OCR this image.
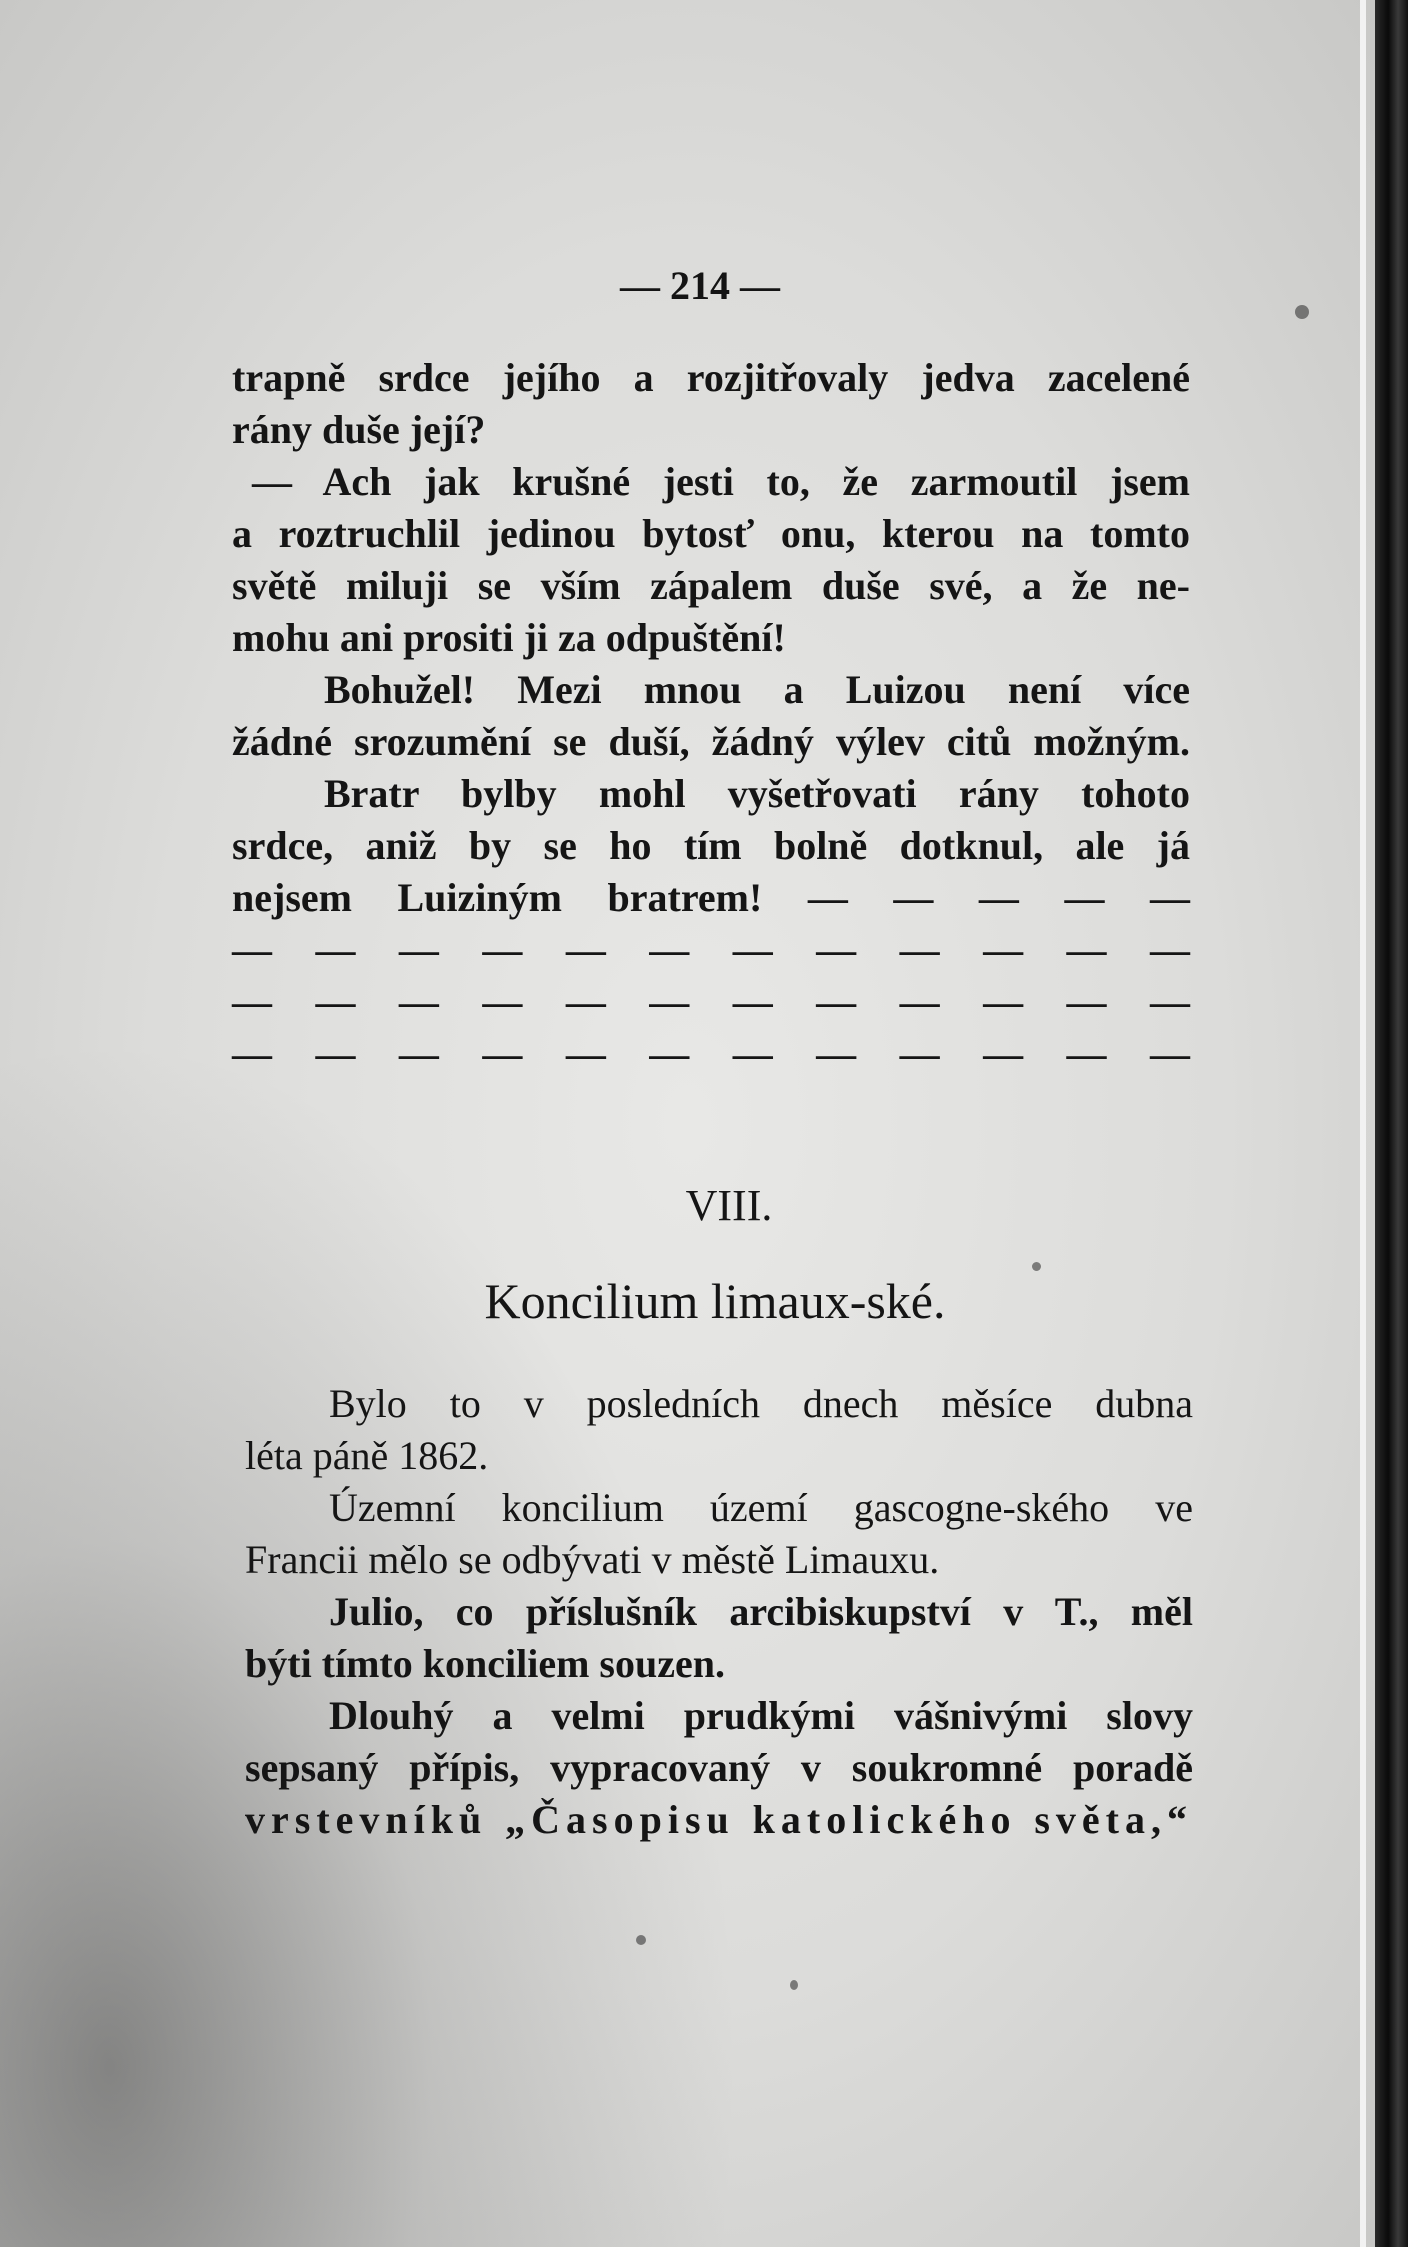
— 214 —
trapně srdce jejího a rozjitřovaly jedva zacelené
rány duše její?
— Ach jak krušné jesti to, že zarmoutil jsem
a roztruchlil jedinou bytosť onu, kterou na tomto
světě miluji se vším zápalem duše své, a že ne-
mohu ani prositi ji za odpuštění!
Bohužel! Mezi mnou a Luizou není více
žádné srozumění se duší, žádný výlev citů možným.
Bratr bylby mohl vyšetřovati rány tohoto
srdce, aniž by se ho tím bolně dotknul, ale já
nejsem Luiziným bratrem! — — — — —
— — — — — — — — — — — —
— — — — — — — — — — — —
— — — — — — — — — — — —
VIII.
Koncilium limaux-ské.
Bylo to v posledních dnech měsíce dubna
léta páně 1862.
Územní koncilium území gascogne-ského ve
Francii mělo se odbývati v městě Limauxu.
Julio, co příslušník arcibiskupství v T., měl
býti tímto konciliem souzen.
Dlouhý a velmi prudkými vášnivými slovy
sepsaný přípis, vypracovaný v soukromné poradě
vrstevníků „Časopisu katolického světa,“
